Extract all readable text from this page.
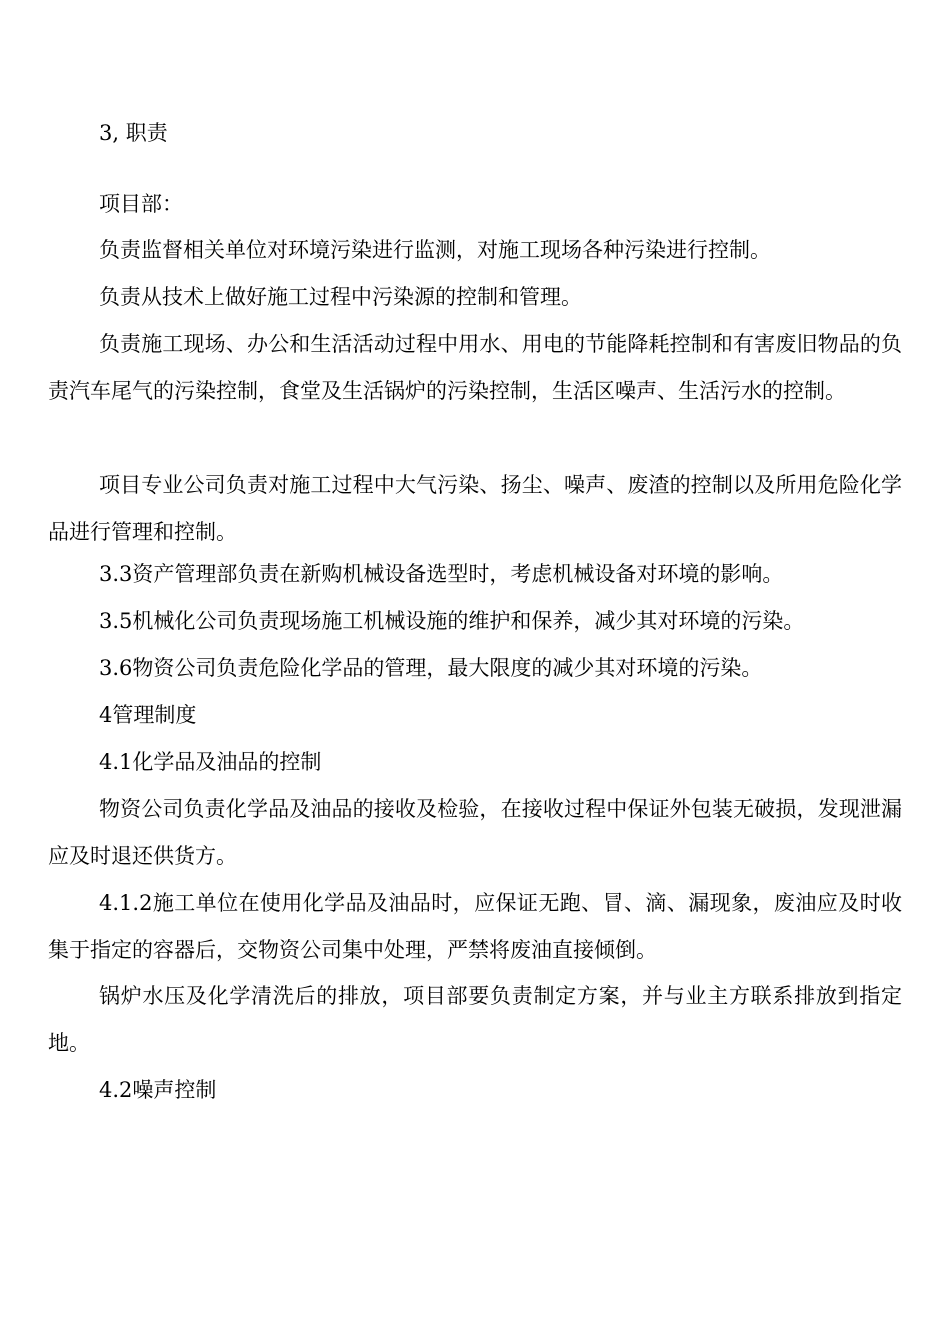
3, 职责

项目部：

负责监督相关单位对环境污染进行监测，对施工现场各种污染进行控制。

负责从技术上做好施工过程中污染源的控制和管理。

负责施工现场、办公和生活活动过程中用水、用电的节能降耗控制和有害废旧物品的负责汽车尾气的污染控制，食堂及生活锅炉的污染控制，生活区噪声、生活污水的控制。

项目专业公司负责对施工过程中大气污染、扬尘、噪声、废渣的控制以及所用危险化学品进行管理和控制。

3.3资产管理部负责在新购机械设备选型时，考虑机械设备对环境的影响。

3.5机械化公司负责现场施工机械设施的维护和保养，减少其对环境的污染。

3.6物资公司负责危险化学品的管理，最大限度的减少其对环境的污染。

4管理制度

4.1化学品及油品的控制

物资公司负责化学品及油品的接收及检验，在接收过程中保证外包装无破损，发现泄漏应及时退还供货方。

4.1.2施工单位在使用化学品及油品时，应保证无跑、冒、滴、漏现象，废油应及时收集于指定的容器后，交物资公司集中处理，严禁将废油直接倾倒。

锅炉水压及化学清洗后的排放，项目部要负责制定方案，并与业主方联系排放到指定地。

4.2噪声控制
